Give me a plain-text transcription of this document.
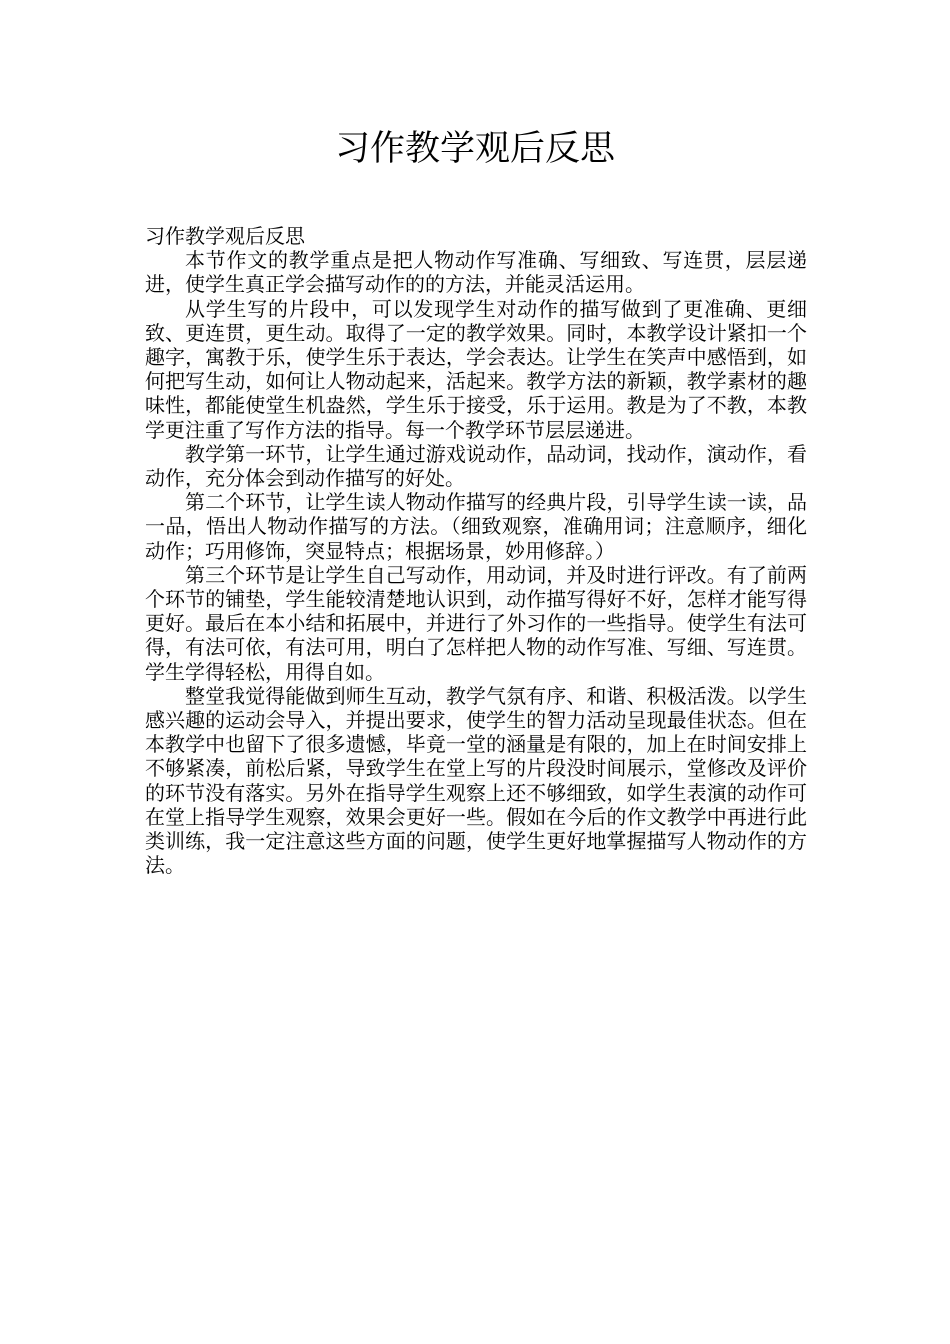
习作教学观后反思

习作教学观后反思

本节作文的教学重点是把人物动作写准确、写细致、写连贯，层层递进，使学生真正学会描写动作的的方法，并能灵活运用。

从学生写的片段中，可以发现学生对动作的描写做到了更准确、更细致、更连贯，更生动。取得了一定的教学效果。同时，本教学设计紧扣一个趣字，寓教于乐，使学生乐于表达，学会表达。让学生在笑声中感悟到，如何把写生动，如何让人物动起来，活起来。教学方法的新颖，教学素材的趣味性，都能使堂生机盎然，学生乐于接受，乐于运用。教是为了不教，本教学更注重了写作方法的指导。每一个教学环节层层递进。

教学第一环节，让学生通过游戏说动作，品动词，找动作，演动作，看动作，充分体会到动作描写的好处。

第二个环节，让学生读人物动作描写的经典片段，引导学生读一读，品一品，悟出人物动作描写的方法。（细致观察，准确用词；注意顺序，细化动作；巧用修饰，突显特点；根据场景，妙用修辞。）

第三个环节是让学生自己写动作，用动词，并及时进行评改。有了前两个环节的铺垫，学生能较清楚地认识到，动作描写得好不好，怎样才能写得更好。最后在本小结和拓展中，并进行了外习作的一些指导。使学生有法可得，有法可依，有法可用，明白了怎样把人物的动作写准、写细、写连贯。学生学得轻松，用得自如。

整堂我觉得能做到师生互动，教学气氛有序、和谐、积极活泼。以学生感兴趣的运动会导入，并提出要求，使学生的智力活动呈现最佳状态。但在本教学中也留下了很多遗憾，毕竟一堂的涵量是有限的，加上在时间安排上不够紧凑，前松后紧，导致学生在堂上写的片段没时间展示，堂修改及评价的环节没有落实。另外在指导学生观察上还不够细致，如学生表演的动作可在堂上指导学生观察，效果会更好一些。假如在今后的作文教学中再进行此类训练，我一定注意这些方面的问题，使学生更好地掌握描写人物动作的方法。
